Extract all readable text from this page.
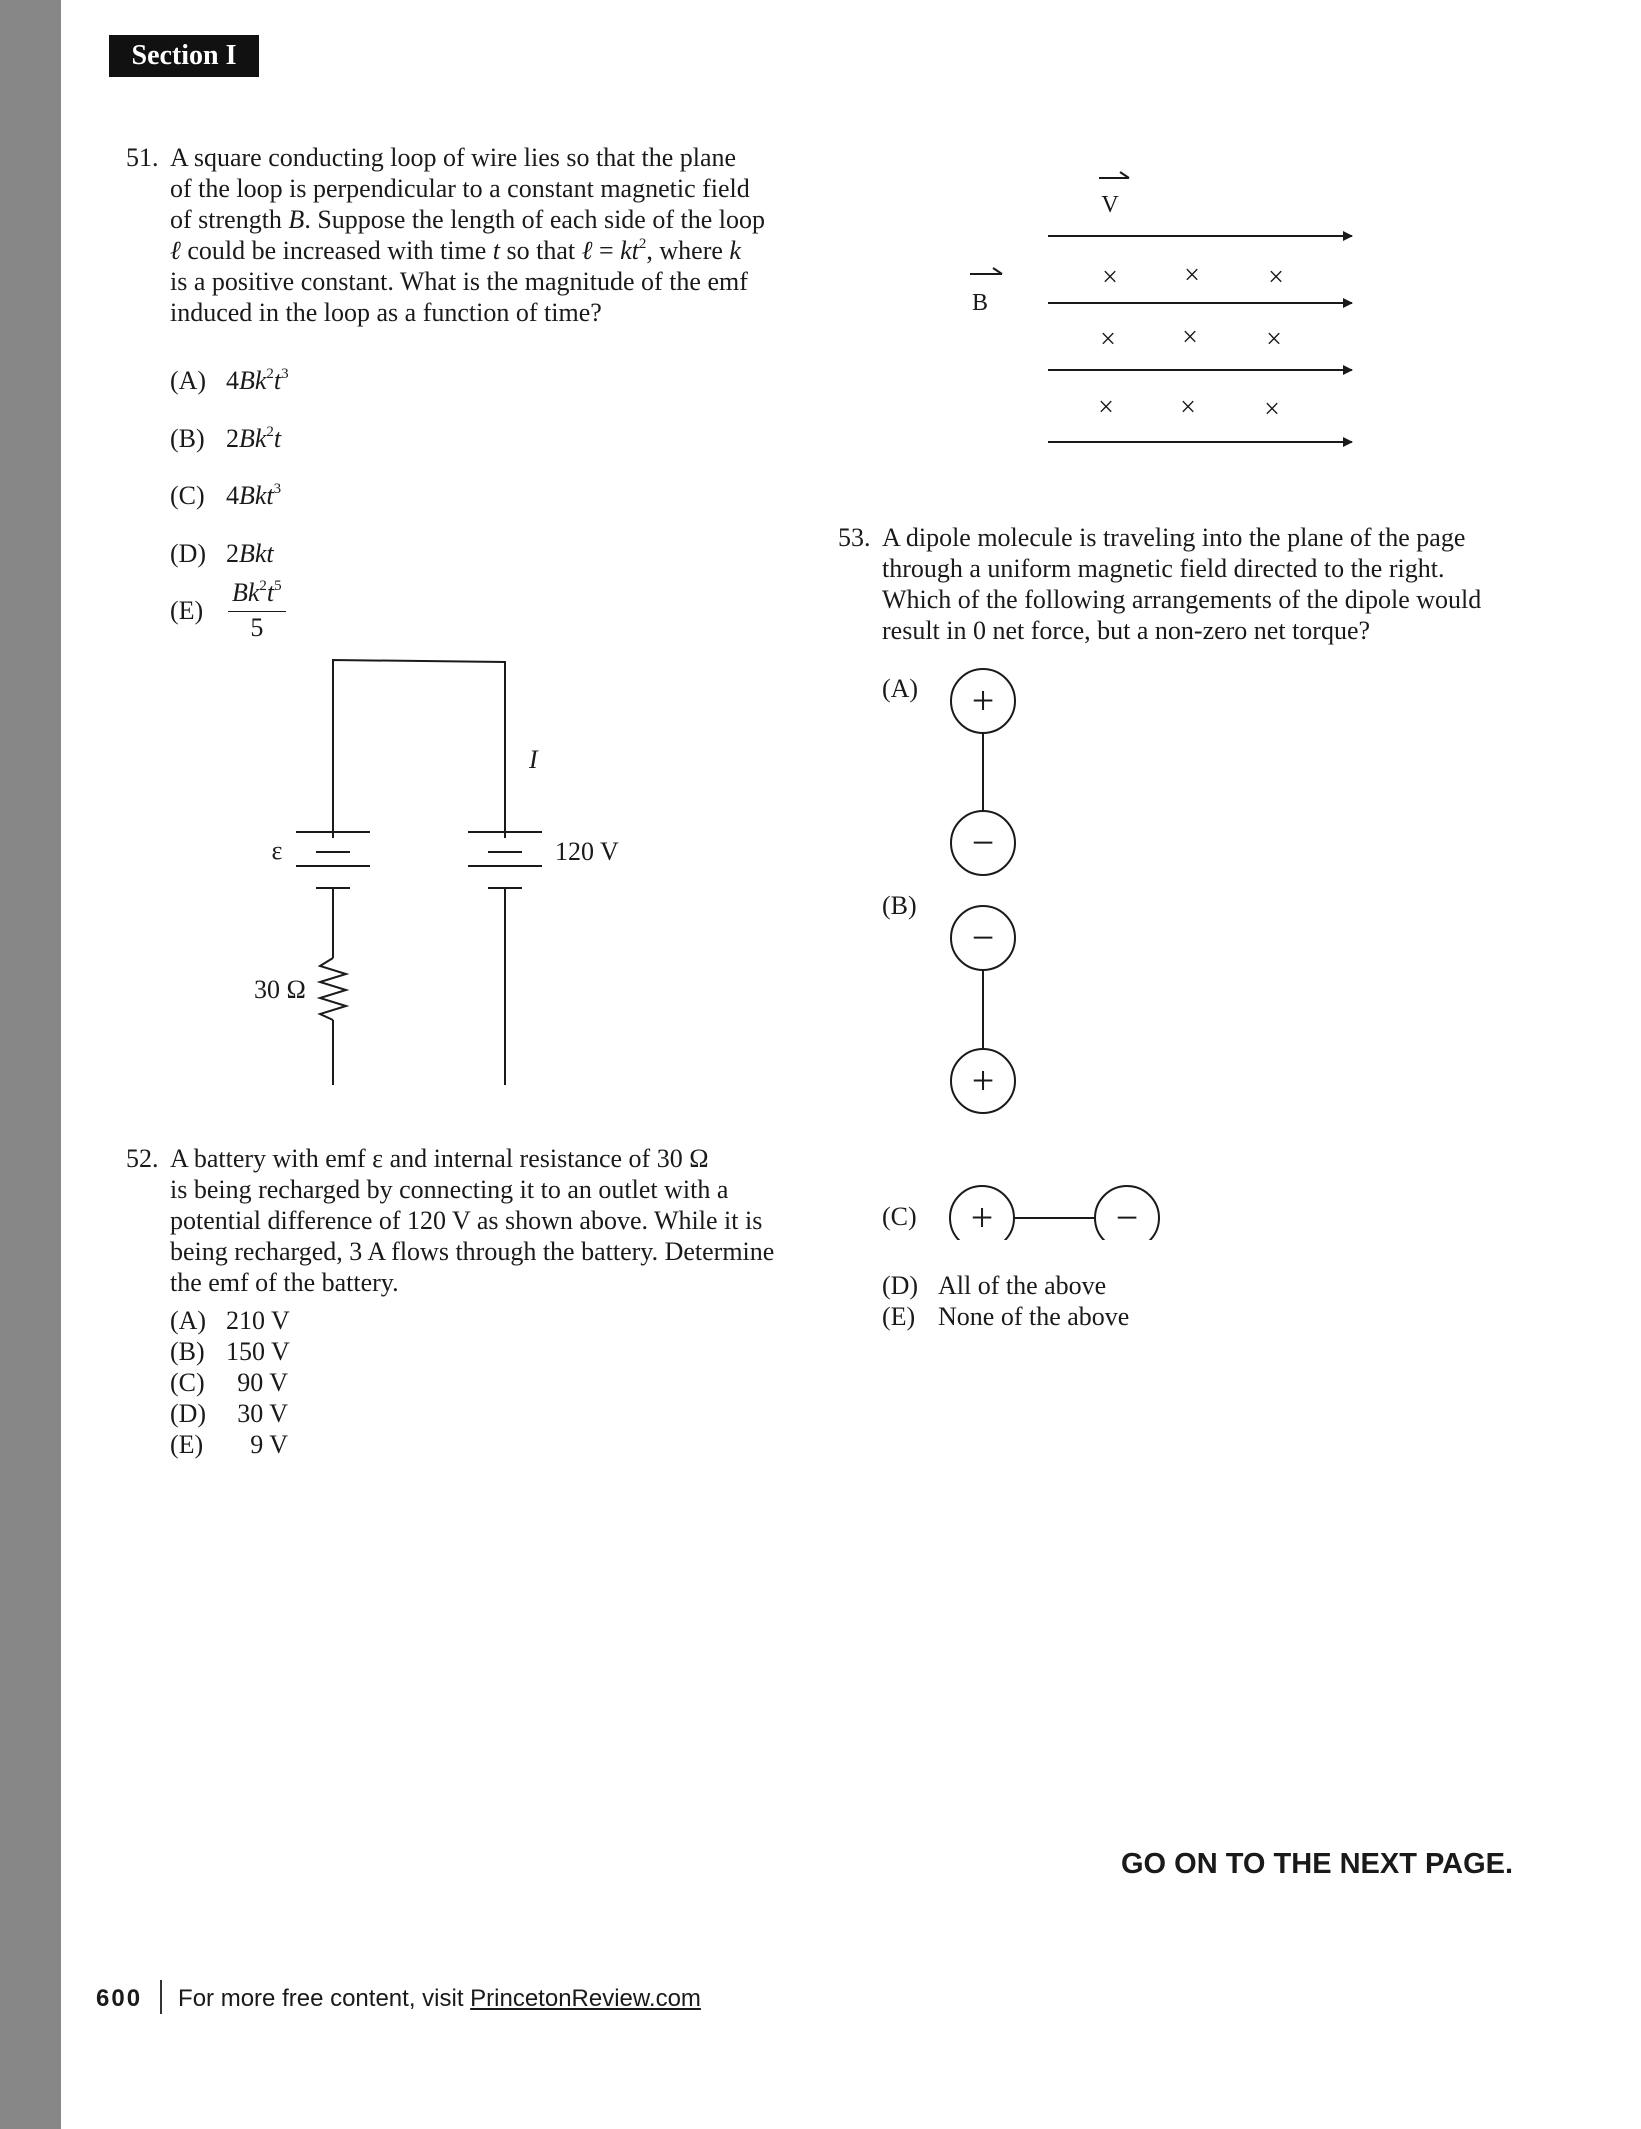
Section I
51. A square conducting loop of wire lies so that the plane
of the loop is perpendicular to a constant magnetic field
of strength B. Suppose the length of each side of the loop
ℓ could be increased with time t so that ℓ = $kt^2$, where k
is a positive constant. What is the magnitude of the emf
induced in the loop as a function of time?
(A) $4Bk^2t^3$
(B) 2Bk$^2$t
(C) 4Bkt$^3$
(D) 2Bkt
$(E) \frac{Bk^2t^5}{5}$
I
ε	120 V
30 Ω
52. A battery with emf ε and internal resistance of 30 Ω
is being recharged by connecting it to an outlet with a
potential difference of 120 V as shown above. While it is
being recharged, 3 A flows through the battery. Determine
the emf of the battery.
(A) 210 V
(B) 150 V
(C) 90 V
(D) 30 V
(E) 9 V
V
B
× × ×
× × ×
× × ×
53. A dipole molecule is traveling into the plane of the page
through a uniform magnetic field directed to the right.
Which of the following arrangements of the dipole would
result in 0 net force, but a non-zero net torque?
(A)
(B)
(C)
(D) All of the above
(E) None of the above
+
−
−
+
+	−
GO ON TO THE NEXT PAGE.
600 For more free content, visit PrincetonReview.com
